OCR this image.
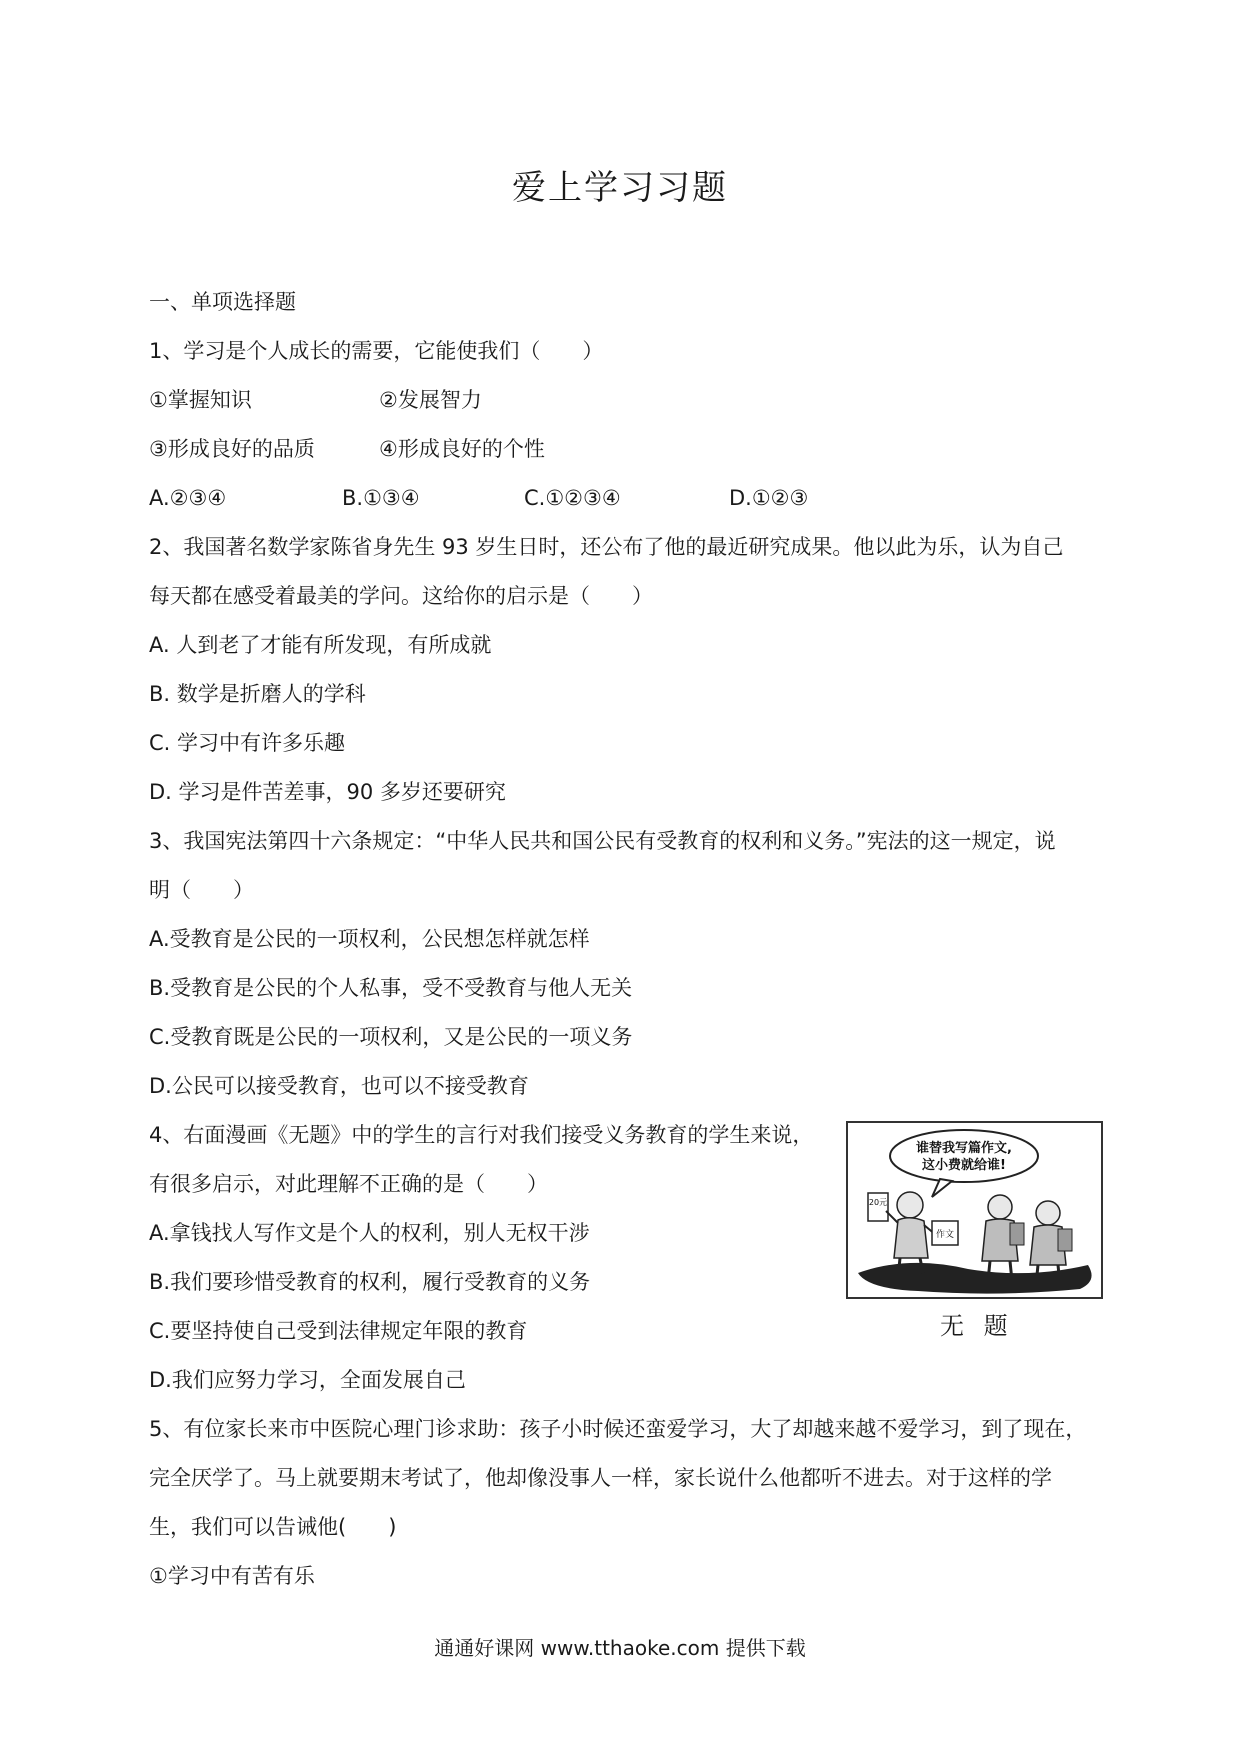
爱上学习习题
一、单项选择题
1、学习是个人成长的需要，它能使我们（　　）
①掌握知识	②发展智力
③形成良好的品质	④形成良好的个性
A.②③④	B.①③④	C.①②③④	D.①②③
2、我国著名数学家陈省身先生 93 岁生日时，还公布了他的最近研究成果。他以此为乐，认为自己
每天都在感受着最美的学问。这给你的启示是（　　）
A. 人到老了才能有所发现，有所成就
B. 数学是折磨人的学科
C. 学习中有许多乐趣
D. 学习是件苦差事，90 多岁还要研究
3、我国宪法第四十六条规定：“中华人民共和国公民有受教育的权利和义务。”宪法的这一规定，说
明（　　）
A.受教育是公民的一项权利，公民想怎样就怎样
B.受教育是公民的个人私事，受不受教育与他人无关
C.受教育既是公民的一项权利，又是公民的一项义务
D.公民可以接受教育，也可以不接受教育
4、右面漫画《无题》中的学生的言行对我们接受义务教育的学生来说，
有很多启示，对此理解不正确的是（　　）
A.拿钱找人写作文是个人的权利，别人无权干涉
B.我们要珍惜受教育的权利，履行受教育的义务
C.要坚持使自己受到法律规定年限的教育
D.我们应努力学习，全面发展自己
谁替我写篇作文,
这小费就给谁!
20元
作文
无 题
5、有位家长来市中医院心理门诊求助：孩子小时候还蛮爱学习，大了却越来越不爱学习，到了现在，
完全厌学了。马上就要期末考试了，他却像没事人一样，家长说什么他都听不进去。对于这样的学
生，我们可以告诫他(　　)
①学习中有苦有乐
通通好课网 www.tthaoke.com 提供下载
